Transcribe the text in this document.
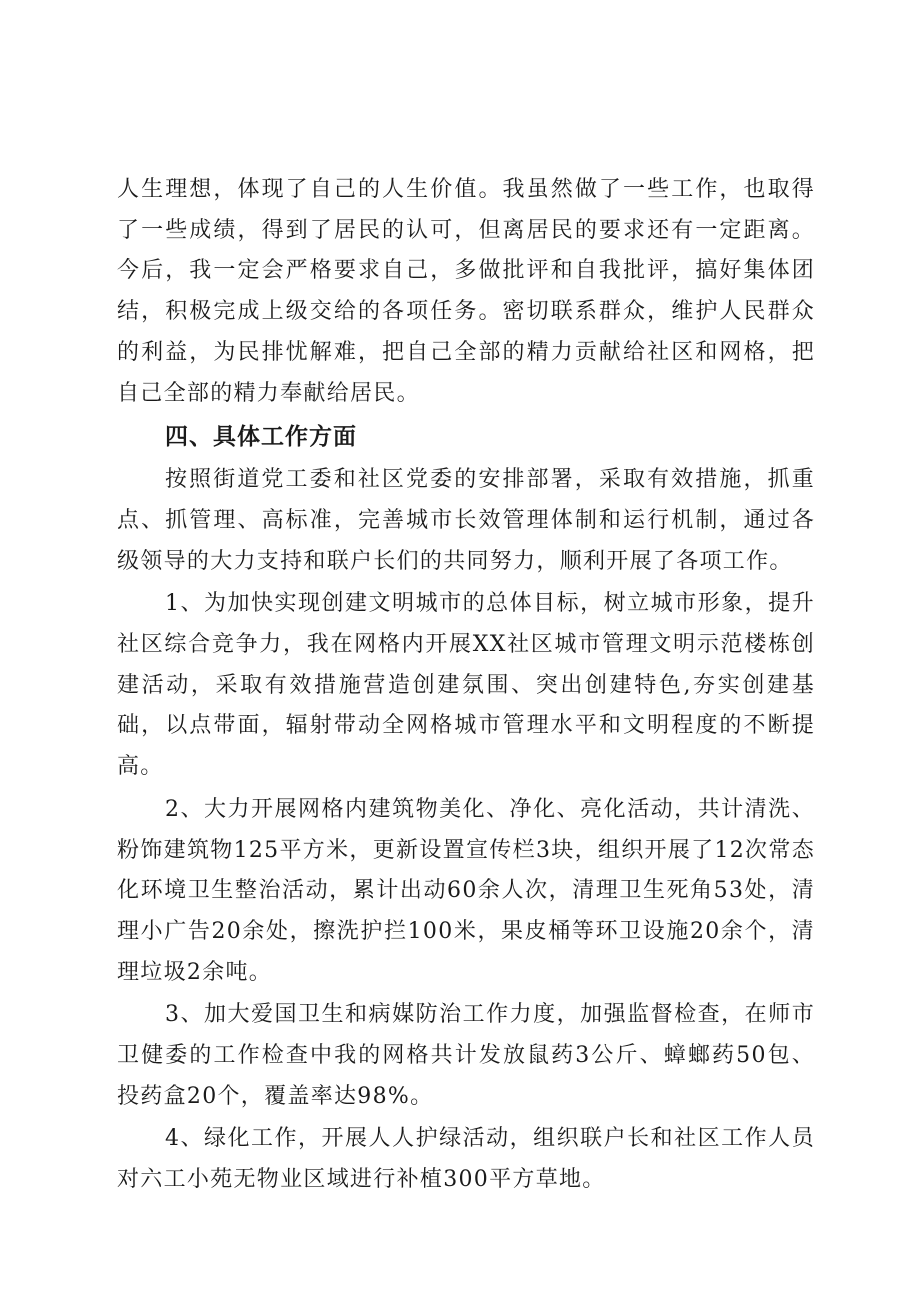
人生理想，体现了自己的人生价值。我虽然做了一些工作，也取得了一些成绩，得到了居民的认可，但离居民的要求还有一定距离。今后，我一定会严格要求自己，多做批评和自我批评，搞好集体团结，积极完成上级交给的各项任务。密切联系群众，维护人民群众的利益，为民排忧解难，把自己全部的精力贡献给社区和网格，把自己全部的精力奉献给居民。

四、具体工作方面

按照街道党工委和社区党委的安排部署，采取有效措施，抓重点、抓管理、高标准，完善城市长效管理体制和运行机制，通过各级领导的大力支持和联户长们的共同努力，顺利开展了各项工作。

1、为加快实现创建文明城市的总体目标，树立城市形象，提升社区综合竞争力，我在网格内开展XX社区城市管理文明示范楼栋创建活动，采取有效措施营造创建氛围、突出创建特色,夯实创建基础，以点带面，辐射带动全网格城市管理水平和文明程度的不断提高。

2、大力开展网格内建筑物美化、净化、亮化活动，共计清洗、粉饰建筑物125平方米，更新设置宣传栏3块，组织开展了12次常态化环境卫生整治活动，累计出动60余人次，清理卫生死角53处，清理小广告20余处，擦洗护拦100米，果皮桶等环卫设施20余个，清理垃圾2余吨。

3、加大爱国卫生和病媒防治工作力度，加强监督检查，在师市卫健委的工作检查中我的网格共计发放鼠药3公斤、蟑螂药50包、投药盒20个，覆盖率达98%。

4、绿化工作，开展人人护绿活动，组织联户长和社区工作人员对六工小苑无物业区域进行补植300平方草地。
